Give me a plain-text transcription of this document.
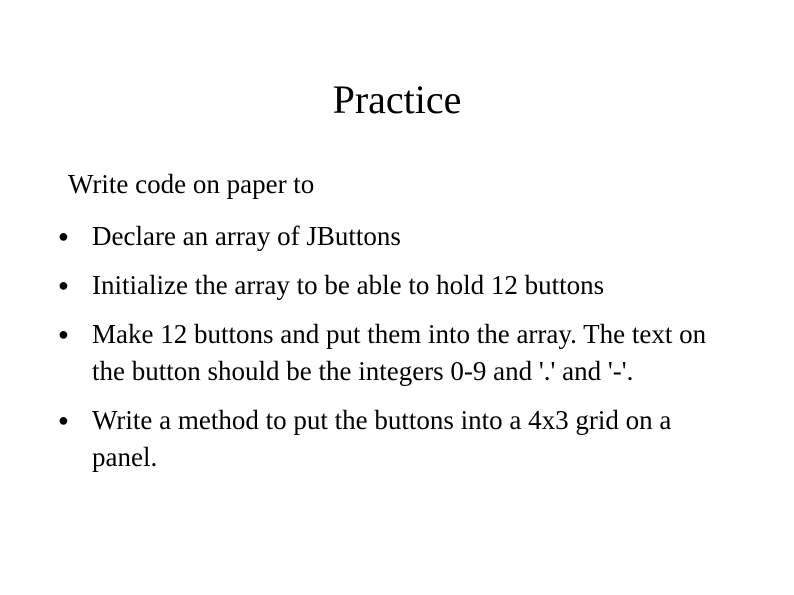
Practice
Write code on paper to
● Declare an array of JButtons
● Initialize the array to be able to hold 12 buttons
● Make 12 buttons and put them into the array. The text on the button should be the integers 0-9 and '.' and '-'.
● Write a method to put the buttons into a 4x3 grid on a panel.
